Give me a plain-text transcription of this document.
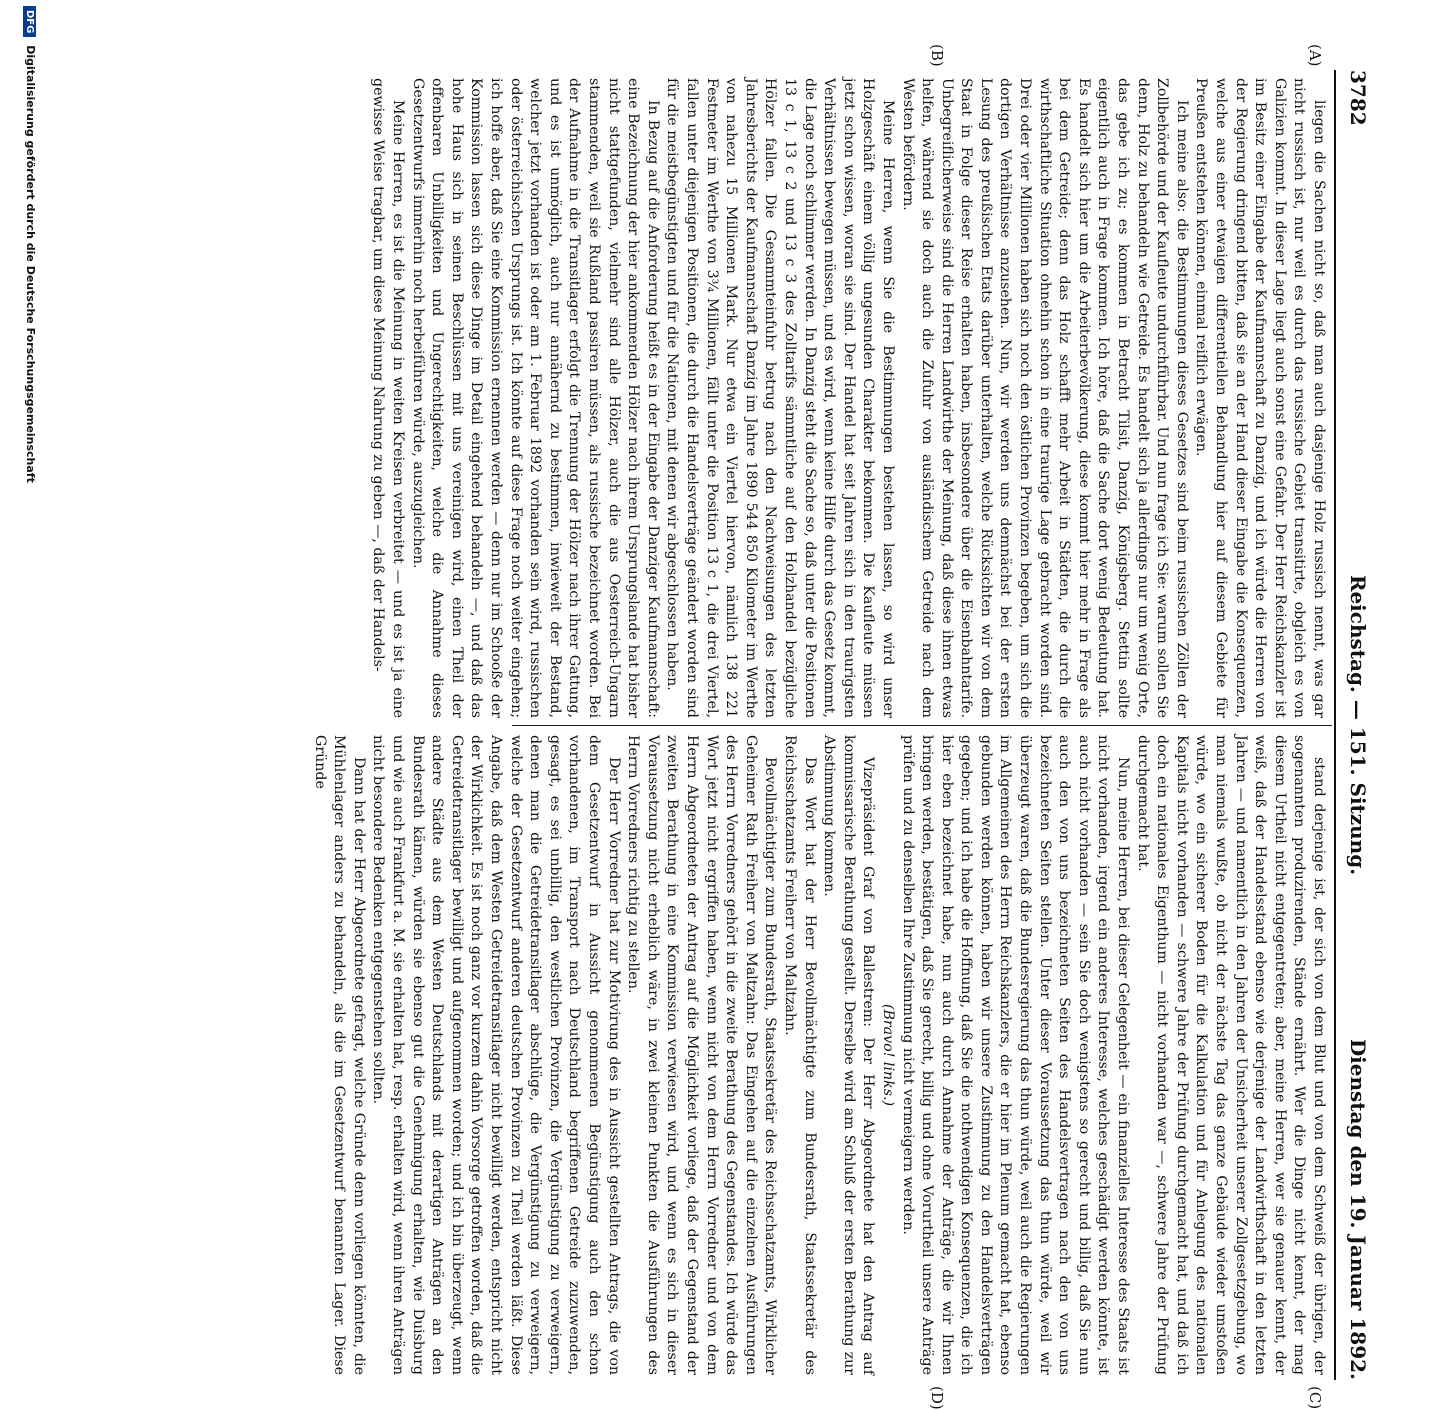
3782
Reichstag. — 151. Sitzung.
Dienstag den 19. Januar 1892.
(A)
(B)
(C)
(D)

liegen die Sachen nicht so, daß man auch dasjenige Holz russisch nennt, was gar nicht russisch ist, nur weil es durch das russische Gebiet transitirte, obgleich es von Galizien kommt. In dieser Lage liegt auch sonst eine Gefahr. Der Herr Reichskanzler ist im Besitz einer Eingabe der Kaufmannschaft zu Danzig, und ich würde die Herren von der Regierung dringend bitten, daß sie an der Hand dieser Eingabe die Konsequenzen, welche aus einer etwaigen differentiellen Behandlung hier auf diesem Gebiete für Preußen entstehen können, einmal reiflich erwägen.

Ich meine also: die Bestimmungen dieses Gesetzes sind beim russischen Zöllen der Zollbehörde und der Kaufleute undurchführbar. Und nun frage ich Sie: warum sollen Sie denn, Holz zu behandeln wie Getreide. Es handelt sich ja allerdings nur um wenig Orte, das gebe ich zu; es kommen in Betracht Tilsit, Danzig, Königsberg. Stettin sollte eigentlich auch in Frage kommen. Ich höre, daß die Sache dort wenig Bedeutung hat. Es handelt sich hier um die Arbeiterbevölkerung, diese kommt hier mehr in Frage als bei dem Getreide; denn das Holz schafft mehr Arbeit in Städten, die durch die wirthschaftliche Situation ohnehin schon in eine traurige Lage gebracht worden sind. Drei oder vier Millionen haben sich noch den östlichen Provinzen begeben, um sich die dortigen Verhältnisse anzusehen. Nun, wir werden uns demnächst bei der ersten Lesung des preußischen Etats darüber unterhalten, welche Rücksichten wir von dem Staat in Folge dieser Reise erhalten haben, insbesondere über die Eisenbahntarife. Unbegreiflicherweise sind die Herren Landwirthe der Meinung, daß diese ihnen etwas helfen, während sie doch auch die Zufuhr von ausländischem Getreide nach dem Westen befördern.

Meine Herren, wenn Sie die Bestimmungen bestehen lassen, so wird unser Holzgeschäft einem völlig ungesunden Charakter bekommen. Die Kaufleute müssen jetzt schon wissen, woran sie sind. Der Handel hat seit Jahren sich in den traurigsten Verhältnissen bewegen müssen, und es wird, wenn keine Hilfe durch das Gesetz kommt, die Lage noch schlimmer werden. In Danzig steht die Sache so, daß unter die Positionen 13 c 1, 13 c 2 und 13 c 3 des Zolltarifs sämmtliche auf den Holzhandel bezügliche Hölzer fallen. Die Gesammteinfuhr betrug nach den Nachweisungen des letzten Jahresberichts der Kaufmannschaft Danzig im Jahre 1890 544 850 Kilometer im Werthe von nahezu 15 Millionen Mark. Nur etwa ein Viertel hiervon, nämlich 138 221 Festmeter im Werthe von 3¾ Millionen, fällt unter die Position 13 c 1, die drei Viertel, fallen unter diejenigen Positionen, die durch die Handelsverträge geändert worden sind für die meistbegünstigten und für die Nationen, mit denen wir abgeschlossen haben.

In Bezug auf die Anforderung heißt es in der Eingabe der Danziger Kaufmannschaft: eine Bezeichnung der hier ankommenden Hölzer nach ihrem Ursprungslande hat bisher nicht stattgefunden, vielmehr sind alle Hölzer, auch die aus Oesterreich-Ungarn stammenden, weil sie Rußland passiren müssen, als russische bezeichnet worden. Bei der Aufnahme in die Transitlager erfolgt die Trennung der Hölzer nach ihrer Gattung, und es ist unmöglich, auch nur annähernd zu bestimmen, inwieweit der Bestand, welcher jetzt vorhanden ist oder am 1. Februar 1892 vorhanden sein wird, russischen oder österreichischen Ursprungs ist. Ich könnte auf diese Frage noch weiter eingehen; ich hoffe aber, daß Sie eine Kommission ernennen werden — denn nur im Schooße der Kommission lassen sich diese Dinge im Detail eingehend behandeln —, und daß das hohe Haus sich in seinen Beschlüssen mit uns vereinigen wird, einen Theil der offenbaren Unbilligkeiten und Ungerechtigkeiten, welche die Annahme dieses Gesetzentwurfs immerhin noch herbeiführen würde, auszugleichen.

Meine Herren, es ist die Meinung in weiten Kreisen verbreitet — und es ist ja eine gewisse Weise tragbar, um diese Meinung Nahrung zu geben —, daß der Handels-

stand derjenige ist, der sich von dem Blut und von dem Schweiß der übrigen, der sogenannten produzirenden, Stände ernährt. Wer die Dinge nicht kennt, der mag diesem Urtheil nicht entgegentreten; aber, meine Herren, wer sie genauer kennt, der weiß, daß der Handelsstand ebenso wie derjenige der Landwirthschaft in den letzten Jahren — und namentlich in den Jahren der Unsicherheit unserer Zollgesetzgebung, wo man niemals wußte, ob nicht der nächste Tag das ganze Gebäude wieder umstoßen würde, wo ein sicherer Boden für die Kalkulation und für Anlegung des nationalen Kapitals nicht vorhanden — schwere Jahre der Prüfung durchgemacht hat, und daß ich doch ein nationales Eigenthum — nicht vorhanden war —, schwere Jahre der Prüfung durchgemacht hat.

Nun, meine Herren, bei dieser Gelegenheit — ein finanzielles Interesse des Staats ist nicht vorhanden, irgend ein anderes Interesse, welches geschädigt werden könnte, ist auch nicht vorhanden — sein Sie doch wenigstens so gerecht und billig, daß Sie nun auch den von uns bezeichneten Seiten des Handelsvertragen nach den von uns bezeichneten Seiten stellen. Unter dieser Voraussetzung das thun würde, weil wir überzeugt waren, daß die Bundesregierung das thun würde, weil auch die Regierungen im Allgemeinen des Herrn Reichskanzlers, die er hier im Plenum gemacht hat, ebenso gebunden werden können, haben wir unsere Zustimmung zu den Handelsverträgen gegeben; und ich habe die Hoffnung, daß Sie die nothwendigen Konsequenzen, die ich hier eben bezeichnet habe, nun auch durch Annahme der Anträge, die wir Ihnen bringen werden, bestätigen, daß Sie gerecht, billig und ohne Vorurtheil unsere Anträge prüfen und zu denselben Ihre Zustimmung nicht vermeigern werden.

(Bravo! links.)

Vizepräsident Graf von Ballestrem: Der Herr Abgeordnete hat den Antrag auf kommissarische Berathung gestellt. Derselbe wird am Schluß der ersten Berathung zur Abstimmung kommen.

Das Wort hat der Herr Bevollmächtigte zum Bundesrath, Staatssekretär des Reichsschatzamts Freiherr von Maltzahn.

Bevollmächtigter zum Bundesrath, Staatssekretär des Reichsschatzamts, Wirklicher Geheimer Rath Freiherr von Maltzahn: Das Eingehen auf die einzelnen Ausführungen des Herrn Vorredners gehört in die zweite Berathung des Gegenstandes. Ich würde das Wort jetzt nicht ergriffen haben, wenn nicht von dem Herrn Vorredner und von dem Herrn Abgeordneten der Antrag auf die Möglichkeit vorliege, daß der Gegenstand der zweiten Berathung in eine Kommission verwiesen wird, und wenn es sich in dieser Voraussetzung nicht erheblich wäre, in zwei kleinen Punkten die Ausführungen des Herrn Vorredners richtig zu stellen.

Der Herr Vorredner hat zur Motivirung des in Aussicht gestellten Antrags, die von dem Gesetzentwurf in Aussicht genommenen Begünstigung auch den schon vorhandenen, im Transport nach Deutschland begriffenen Getreide zuzuwenden, gesagt, es sei unbillig, den westlichen Provinzen, die Vergünstigung zu verweigern, denen man die Getreidetransitlager abschlüge, die Vergünstigung zu verweigern, welche der Gesetzentwurf anderen deutschen Provinzen zu Theil werden läßt. Diese Angabe, daß dem Westen Getreidetransitlager nicht bewilligt werden, entspricht nicht der Wirklichkeit. Es ist noch ganz vor kurzem dahin Vorsorge getroffen worden, daß die Getreidetransitlager bewilligt und aufgenommen worden; und ich bin überzeugt, wenn andere Städte aus dem Westen Deutschlands mit derartigen Anträgen an den Bundesrath kämen, würden sie ebenso gut die Genehmigung erhalten, wie Duisburg und wie auch Frankfurt a. M. sie erhalten hat, resp. erhalten wird, wenn ihren Anträgen nicht besondere Bedenken entgegenstehen sollten.

Dann hat der Herr Abgeordnete gefragt, welche Gründe denn vorliegen könnten, die Mühlenlager anders zu behandeln, als die im Gesetzentwurf benannten Lager. Diese Gründe

DFG Digitalisierung gefördert durch die Deutsche Forschungsgemeinschaft
